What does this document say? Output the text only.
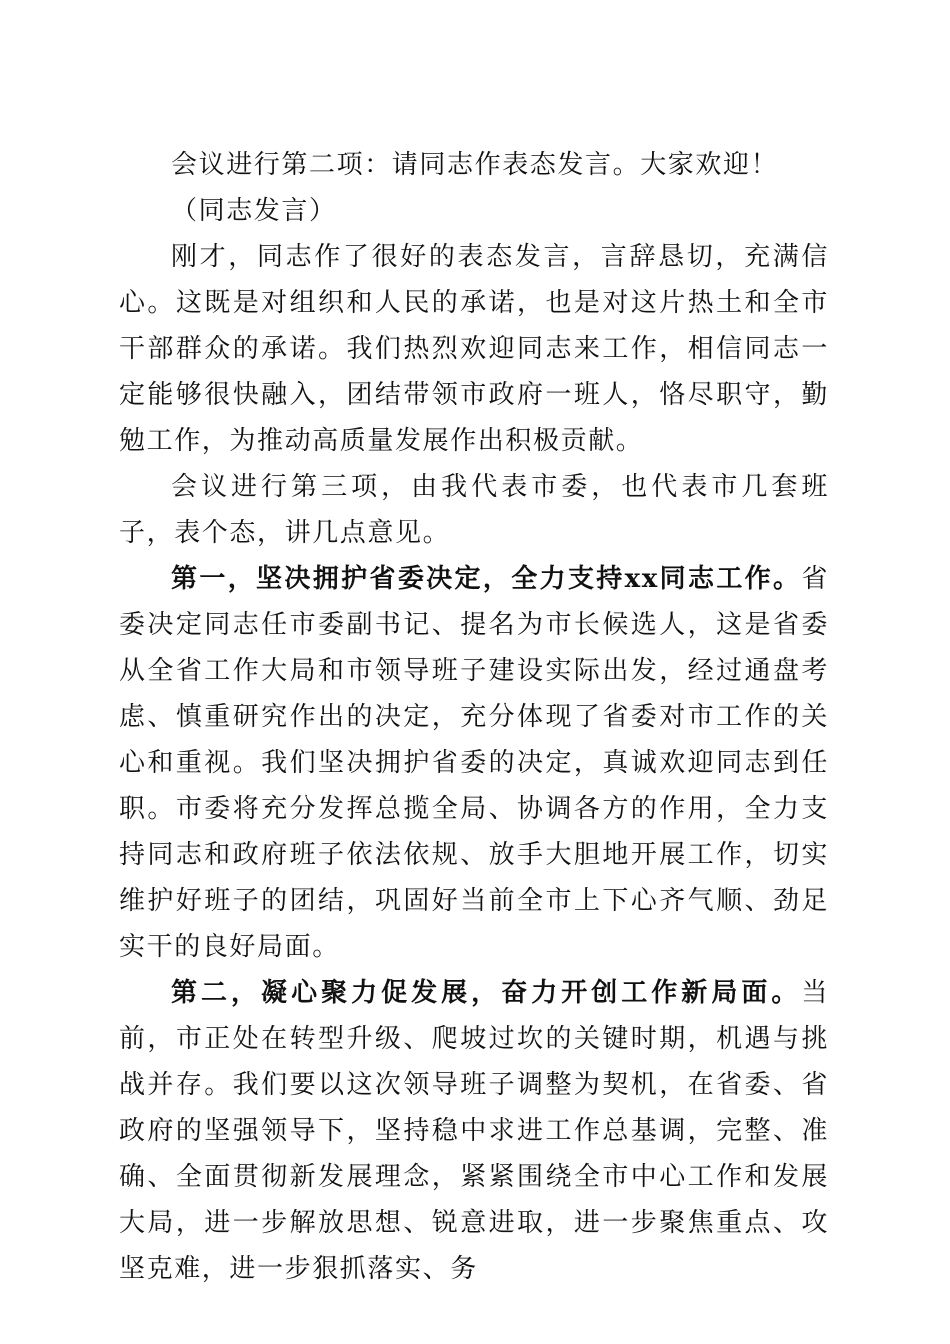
会议进行第二项：请同志作表态发言。大家欢迎！

（同志发言）

刚才，同志作了很好的表态发言，言辞恳切，充满信心。这既是对组织和人民的承诺，也是对这片热土和全市干部群众的承诺。我们热烈欢迎同志来工作，相信同志一定能够很快融入，团结带领市政府一班人，恪尽职守，勤勉工作，为推动高质量发展作出积极贡献。

会议进行第三项，由我代表市委，也代表市几套班子，表个态，讲几点意见。

第一，坚决拥护省委决定，全力支持xx同志工作。省委决定同志任市委副书记、提名为市长候选人，这是省委从全省工作大局和市领导班子建设实际出发，经过通盘考虑、慎重研究作出的决定，充分体现了省委对市工作的关心和重视。我们坚决拥护省委的决定，真诚欢迎同志到任职。市委将充分发挥总揽全局、协调各方的作用，全力支持同志和政府班子依法依规、放手大胆地开展工作，切实维护好班子的团结，巩固好当前全市上下心齐气顺、劲足实干的良好局面。

第二，凝心聚力促发展，奋力开创工作新局面。当前，市正处在转型升级、爬坡过坎的关键时期，机遇与挑战并存。我们要以这次领导班子调整为契机，在省委、省政府的坚强领导下，坚持稳中求进工作总基调，完整、准确、全面贯彻新发展理念，紧紧围绕全市中心工作和发展大局，进一步解放思想、锐意进取，进一步聚焦重点、攻坚克难，进一步狠抓落实、务
